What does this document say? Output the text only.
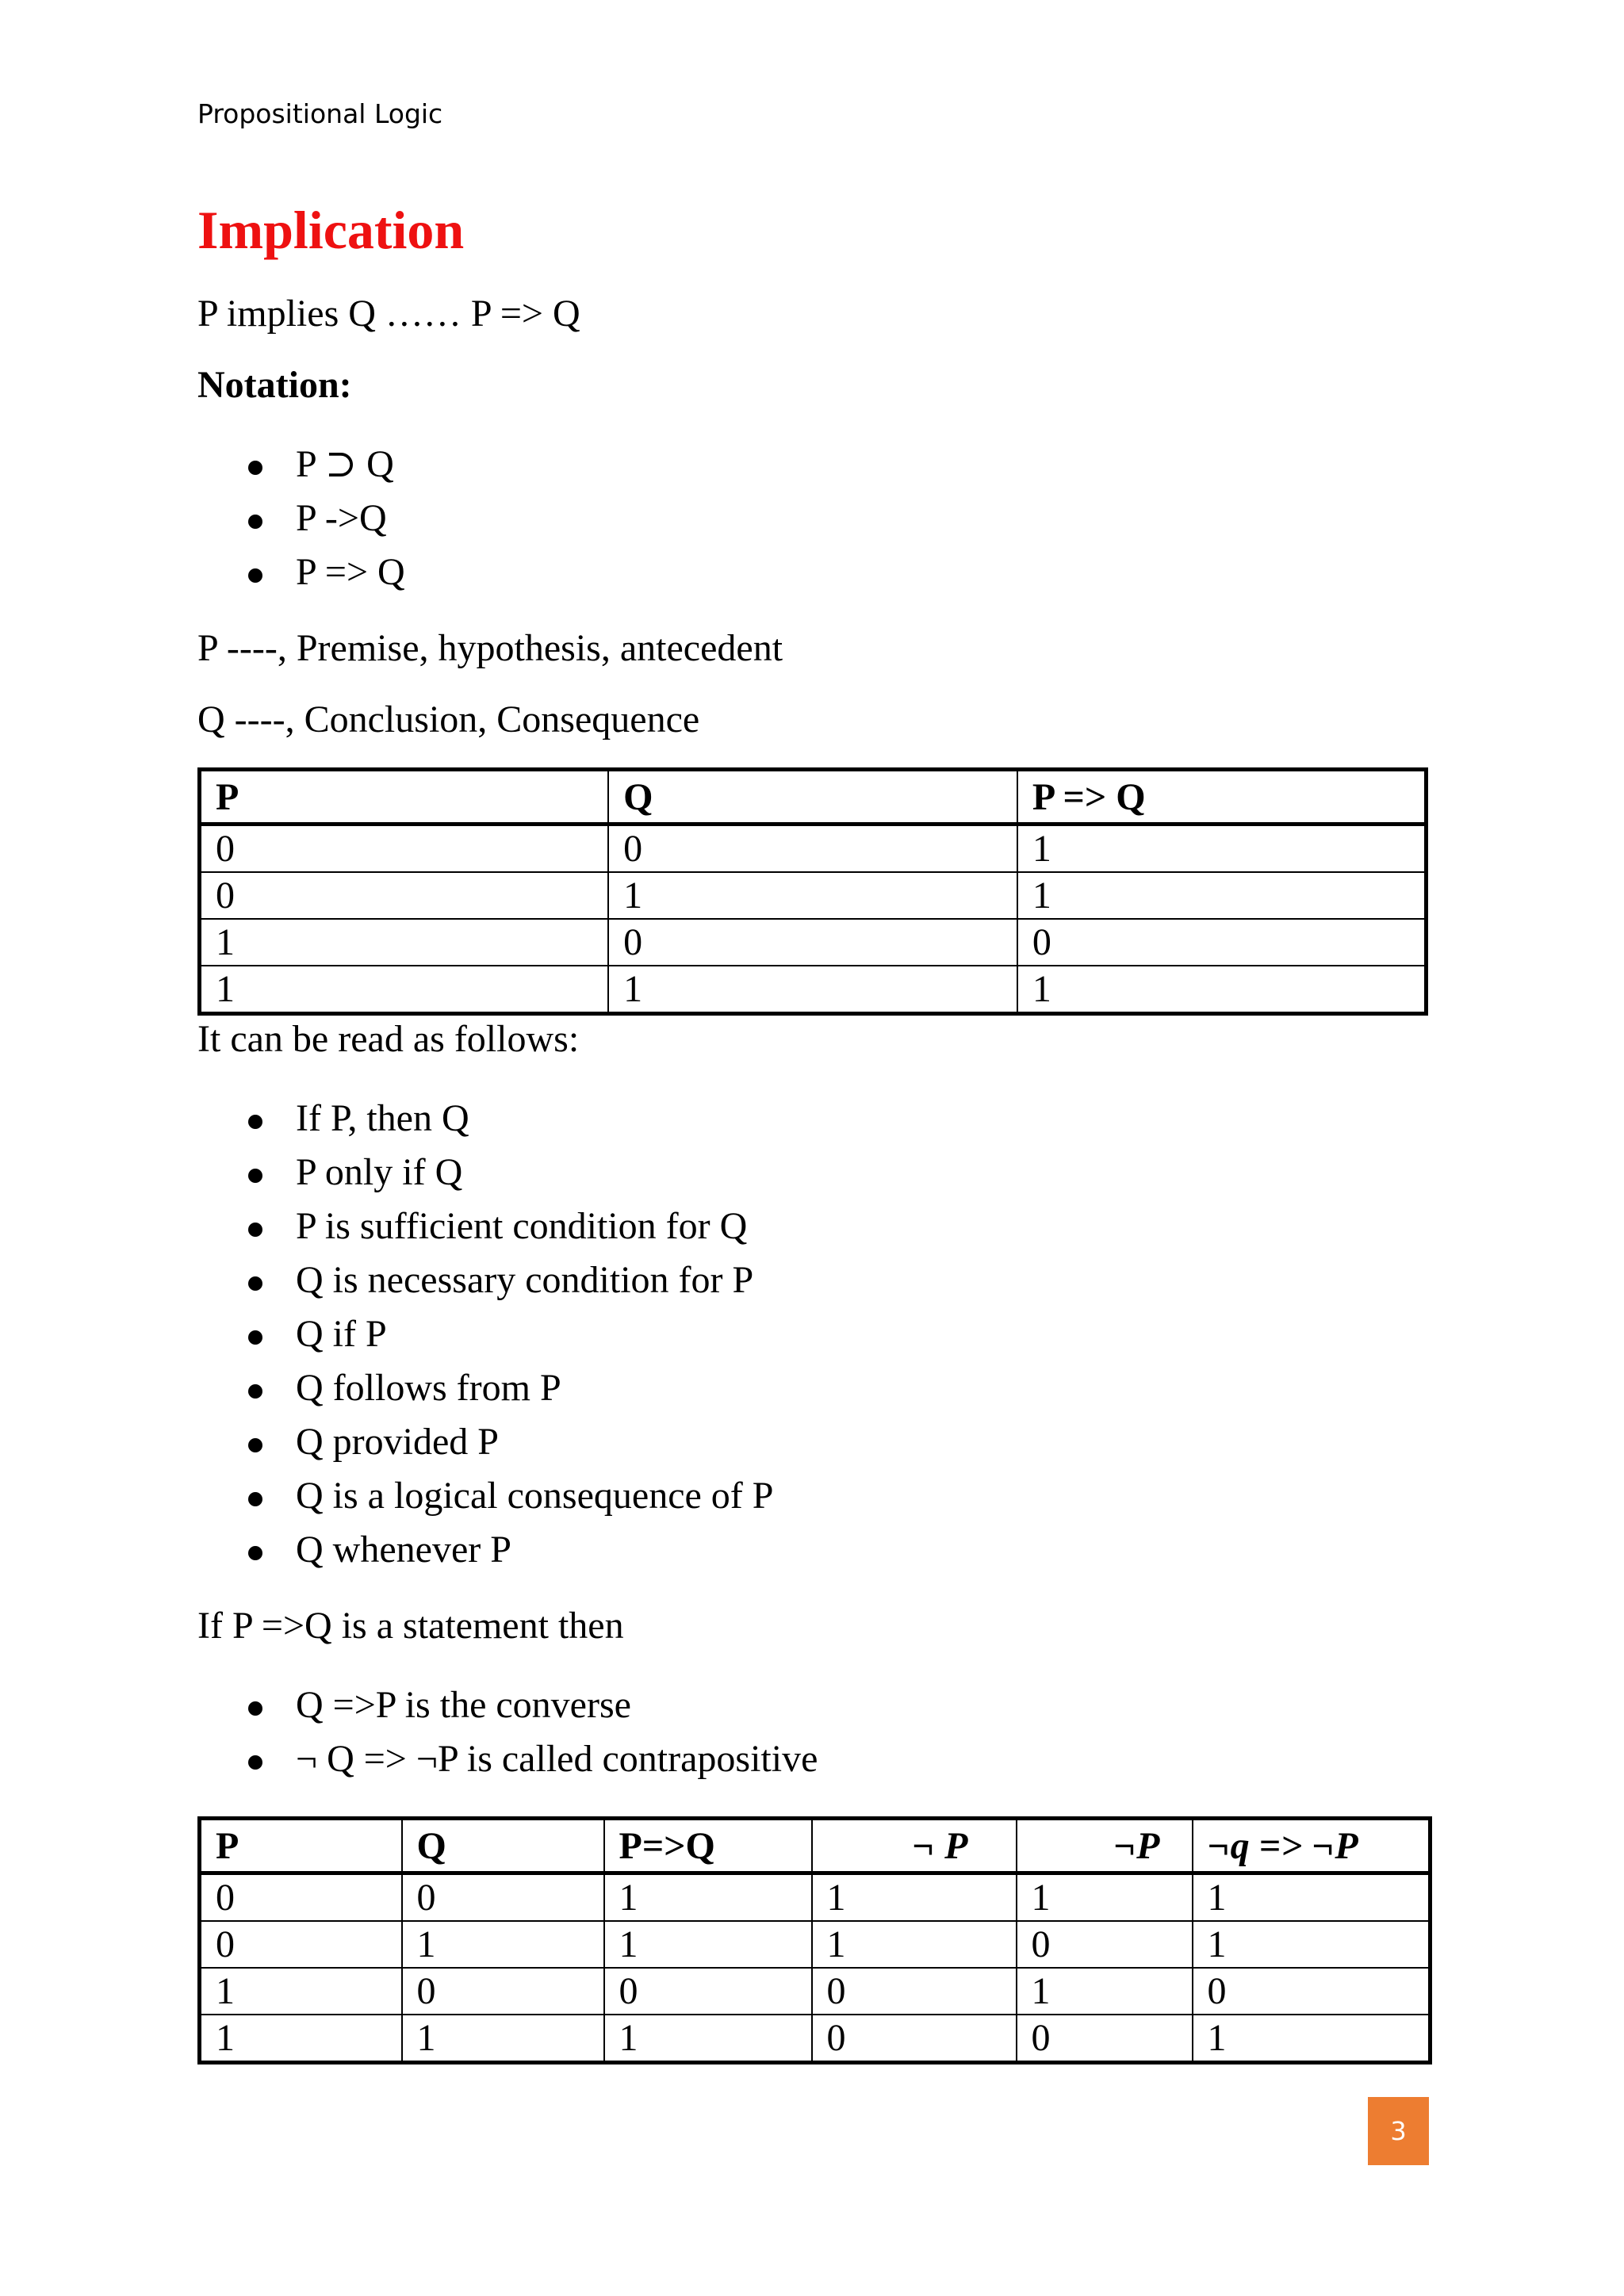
Propositional Logic
Implication

P implies Q …… P => Q

Notation:

P ⊃ Q
P ->Q
P => Q

P ----, Premise, hypothesis, antecedent

Q ----, Conclusion, Consequence

P	Q	P => Q
0	0	1
0	1	1
1	0	0
1	1	1

It can be read as follows:

If P, then Q
P only if Q
P is sufficient condition for Q
Q is necessary condition for P
Q if P
Q follows from P
Q provided P
Q is a logical consequence of P
Q whenever P

If P =>Q is a statement then

Q =>P is the converse
¬ Q => ¬P is called contrapositive
P	Q	P=>Q	¬ P	¬P	¬q => ¬P
0	0	1	1	1	1
0	1	1	1	0	1
1	0	0	0	1	0
1	1	1	0	0	1
3
